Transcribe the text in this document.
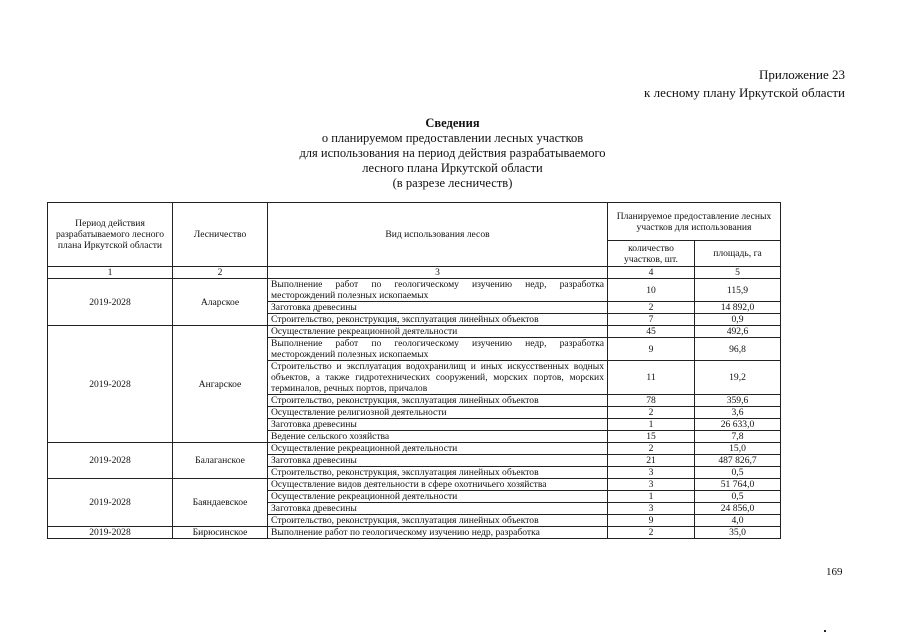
Приложение 23
к лесному плану Иркутской области
Сведения
о планируемом предоставлении лесных участков
для использования на период действия разрабатываемого
лесного плана Иркутской области
(в разрезе лесничеств)
Период действия разрабатываемого лесного плана Иркутской области	Лесничество	Вид использования лесов	Планируемое предоставление лесных участков для использования	
			количество участков, шт.	площадь, га
1	2	3	4	5
2019-2028	Аларское	Выполнение работ по геологическому изучению недр, разработка месторождений полезных ископаемых	10	115,9
		Заготовка древесины	2	14 892,0
		Строительство, реконструкция, эксплуатация линейных объектов	7	0,9
2019-2028	Ангарское	Осуществление рекреационной деятельности	45	492,6
		Выполнение работ по геологическому изучению недр, разработка месторождений полезных ископаемых	9	96,8
		Строительство и эксплуатация водохранилищ и иных искусственных водных объектов, а также гидротехнических сооружений, морских портов, морских терминалов, речных портов, причалов	11	19,2
		Строительство, реконструкция, эксплуатация линейных объектов	78	359,6
		Осуществление религиозной деятельности	2	3,6
		Заготовка древесины	1	26 633,0
		Ведение сельского хозяйства	15	7,8
2019-2028	Балаганское	Осуществление рекреационной деятельности	2	15,0
		Заготовка древесины	21	487 826,7
		Строительство, реконструкция, эксплуатация линейных объектов	3	0,5
2019-2028	Баяндаевское	Осуществление видов деятельности в сфере охотничьего хозяйства	3	51 764,0
		Осуществление рекреационной деятельности	1	0,5
		Заготовка древесины	3	24 856,0
		Строительство, реконструкция, эксплуатация линейных объектов	9	4,0
2019-2028	Бирюсинское	Выполнение работ по геологическому изучению недр, разработка	2	35,0
169
